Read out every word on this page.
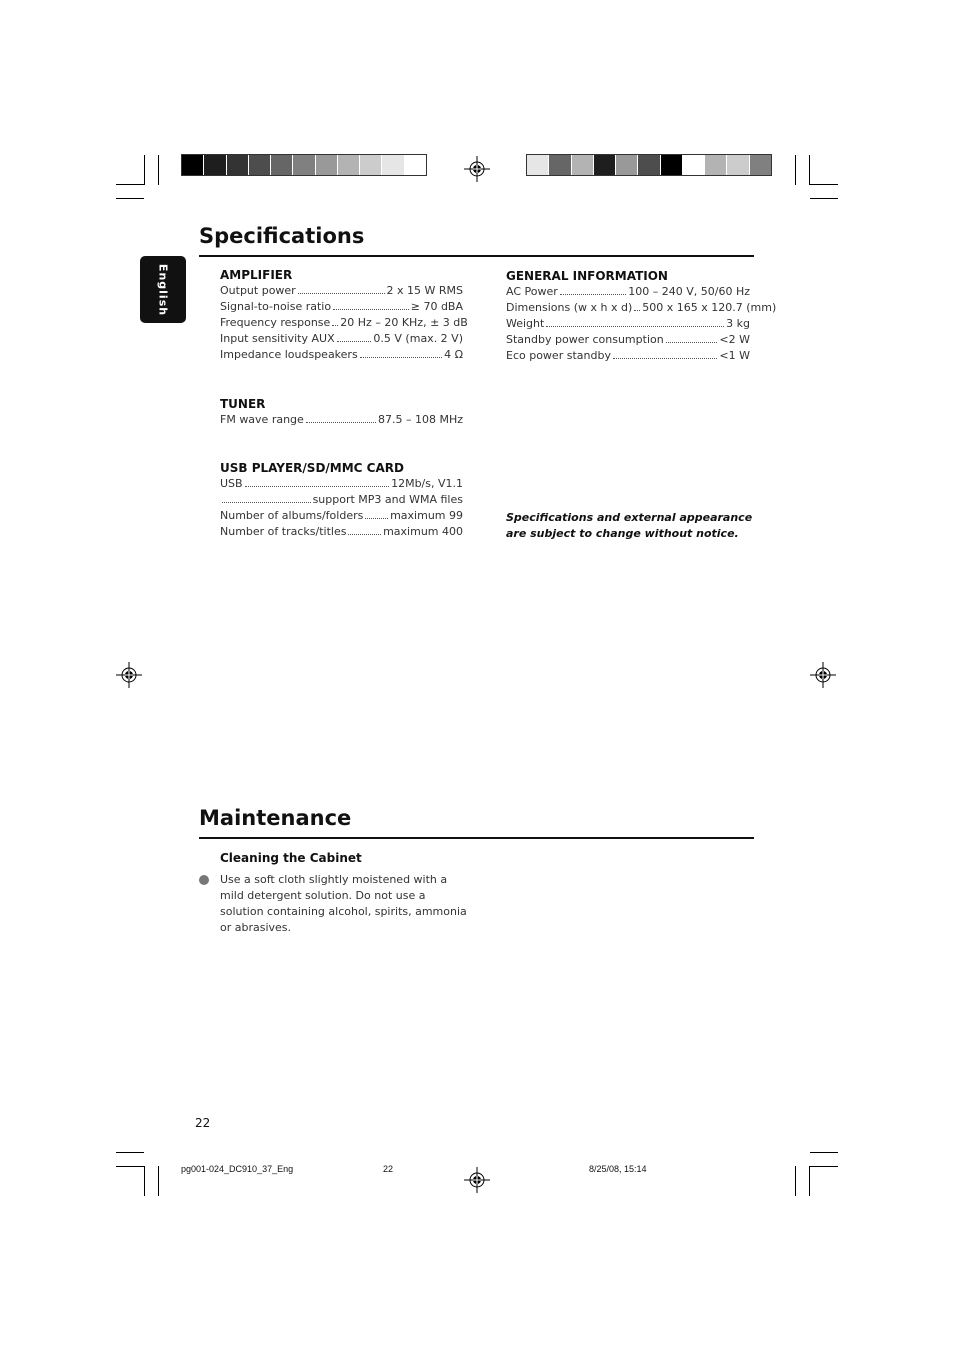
English
Specifications
AMPLIFIER
Output power	2 x 15 W RMS
Signal-to-noise ratio	≥ 70 dBA
Frequency response 20 Hz – 20 KHz, ± 3 dB
Input sensitivity AUX	0.5 V (max. 2 V)
Impedance loudspeakers	4 Ω
TUNER
FM wave range	87.5 – 108 MHz
USB PLAYER/SD/MMC CARD
USB	12Mb/s, V1.1
support MP3 and WMA files
Number of albums/folders maximum 99
Number of tracks/titles	maximum 400
GENERAL INFORMATION
AC Power	100 – 240 V, 50/60 Hz
Dimensions (w x h x d) 500 x 165 x 120.7 (mm)
Weight	3 kg
Standby power consumption	<2 W
Eco power standby	<1 W
Specifications and external appearance are subject to change without notice.
Maintenance
Cleaning the Cabinet
Use a soft cloth slightly moistened with a mild detergent solution. Do not use a solution containing alcohol, spirits, ammonia or abrasives.
22
pg001-024_DC910_37_Eng	22	8/25/08, 15:14
